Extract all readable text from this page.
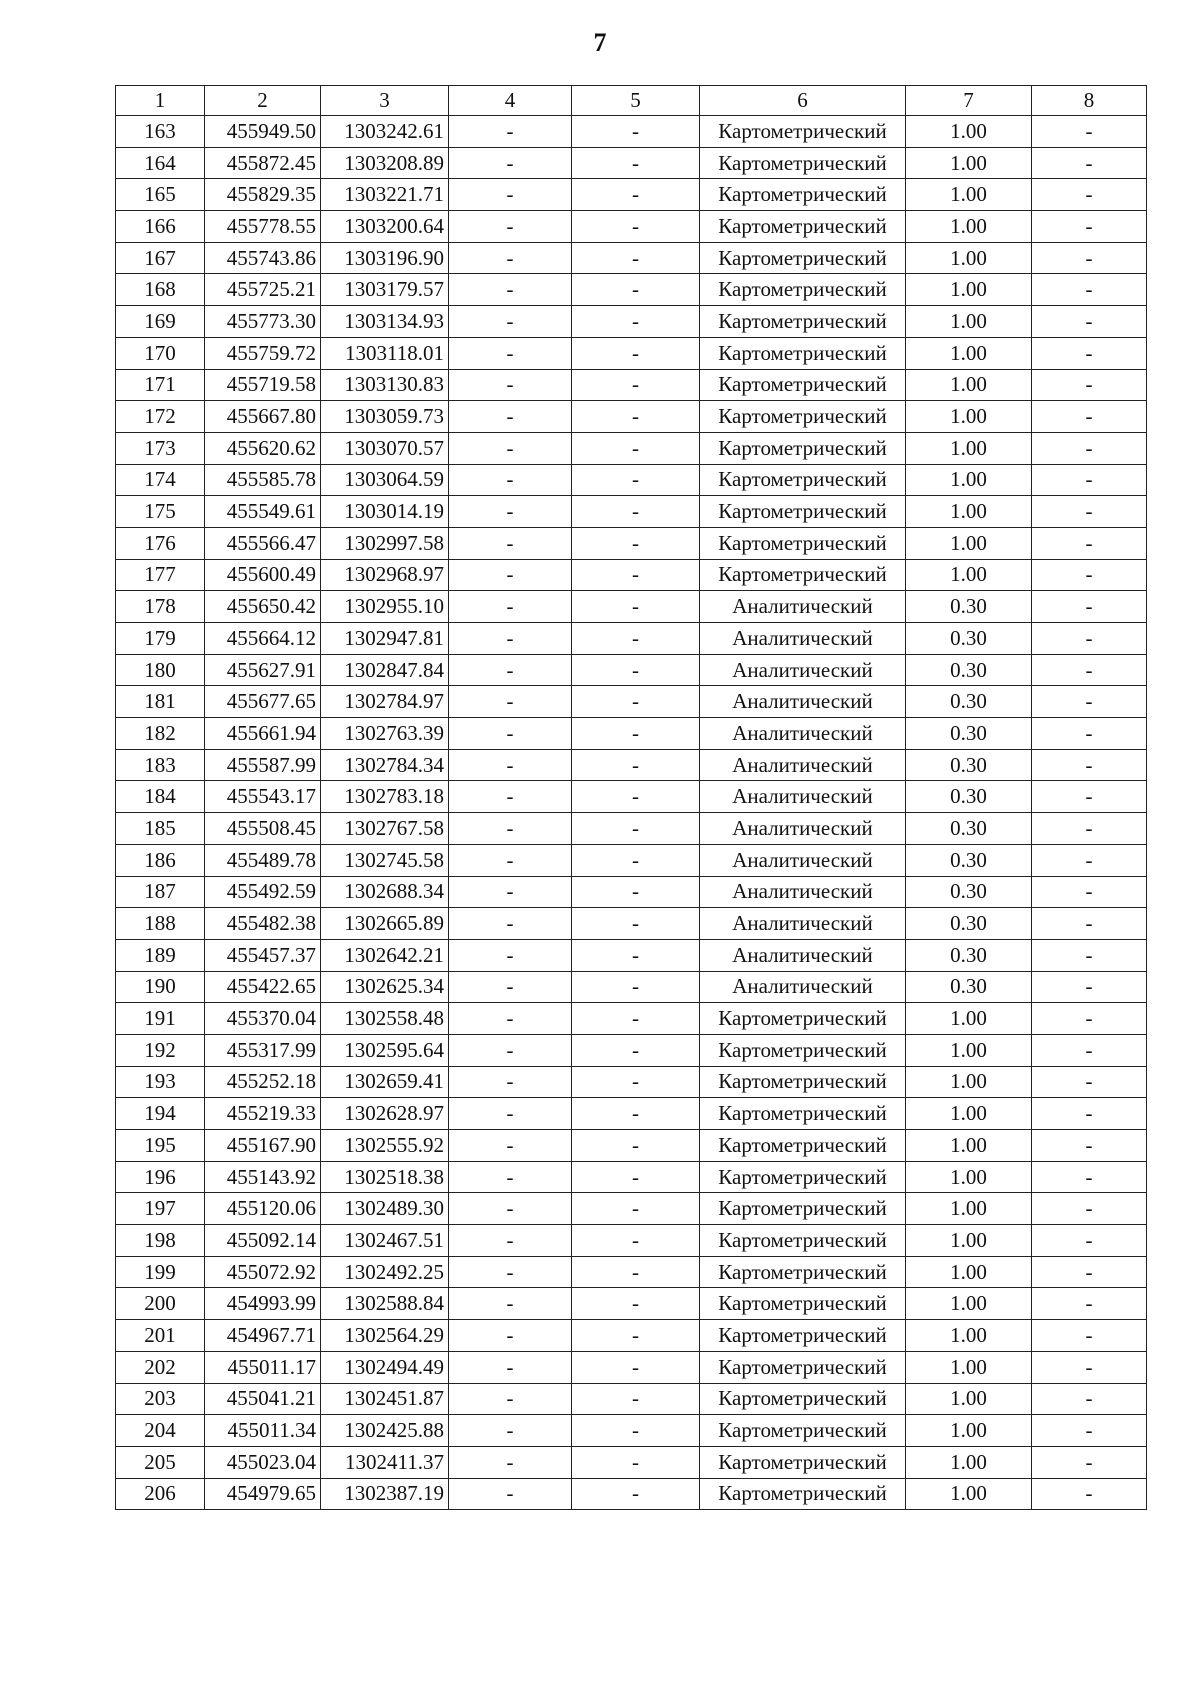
7
1	2	3	4	5	6	7	8
163	455949.50	1303242.61	-	-	Картометрический	1.00	-
164	455872.45	1303208.89	-	-	Картометрический	1.00	-
165	455829.35	1303221.71	-	-	Картометрический	1.00	-
166	455778.55	1303200.64	-	-	Картометрический	1.00	-
167	455743.86	1303196.90	-	-	Картометрический	1.00	-
168	455725.21	1303179.57	-	-	Картометрический	1.00	-
169	455773.30	1303134.93	-	-	Картометрический	1.00	-
170	455759.72	1303118.01	-	-	Картометрический	1.00	-
171	455719.58	1303130.83	-	-	Картометрический	1.00	-
172	455667.80	1303059.73	-	-	Картометрический	1.00	-
173	455620.62	1303070.57	-	-	Картометрический	1.00	-
174	455585.78	1303064.59	-	-	Картометрический	1.00	-
175	455549.61	1303014.19	-	-	Картометрический	1.00	-
176	455566.47	1302997.58	-	-	Картометрический	1.00	-
177	455600.49	1302968.97	-	-	Картометрический	1.00	-
178	455650.42	1302955.10	-	-	Аналитический	0.30	-
179	455664.12	1302947.81	-	-	Аналитический	0.30	-
180	455627.91	1302847.84	-	-	Аналитический	0.30	-
181	455677.65	1302784.97	-	-	Аналитический	0.30	-
182	455661.94	1302763.39	-	-	Аналитический	0.30	-
183	455587.99	1302784.34	-	-	Аналитический	0.30	-
184	455543.17	1302783.18	-	-	Аналитический	0.30	-
185	455508.45	1302767.58	-	-	Аналитический	0.30	-
186	455489.78	1302745.58	-	-	Аналитический	0.30	-
187	455492.59	1302688.34	-	-	Аналитический	0.30	-
188	455482.38	1302665.89	-	-	Аналитический	0.30	-
189	455457.37	1302642.21	-	-	Аналитический	0.30	-
190	455422.65	1302625.34	-	-	Аналитический	0.30	-
191	455370.04	1302558.48	-	-	Картометрический	1.00	-
192	455317.99	1302595.64	-	-	Картометрический	1.00	-
193	455252.18	1302659.41	-	-	Картометрический	1.00	-
194	455219.33	1302628.97	-	-	Картометрический	1.00	-
195	455167.90	1302555.92	-	-	Картометрический	1.00	-
196	455143.92	1302518.38	-	-	Картометрический	1.00	-
197	455120.06	1302489.30	-	-	Картометрический	1.00	-
198	455092.14	1302467.51	-	-	Картометрический	1.00	-
199	455072.92	1302492.25	-	-	Картометрический	1.00	-
200	454993.99	1302588.84	-	-	Картометрический	1.00	-
201	454967.71	1302564.29	-	-	Картометрический	1.00	-
202	455011.17	1302494.49	-	-	Картометрический	1.00	-
203	455041.21	1302451.87	-	-	Картометрический	1.00	-
204	455011.34	1302425.88	-	-	Картометрический	1.00	-
205	455023.04	1302411.37	-	-	Картометрический	1.00	-
206	454979.65	1302387.19	-	-	Картометрический	1.00	-
